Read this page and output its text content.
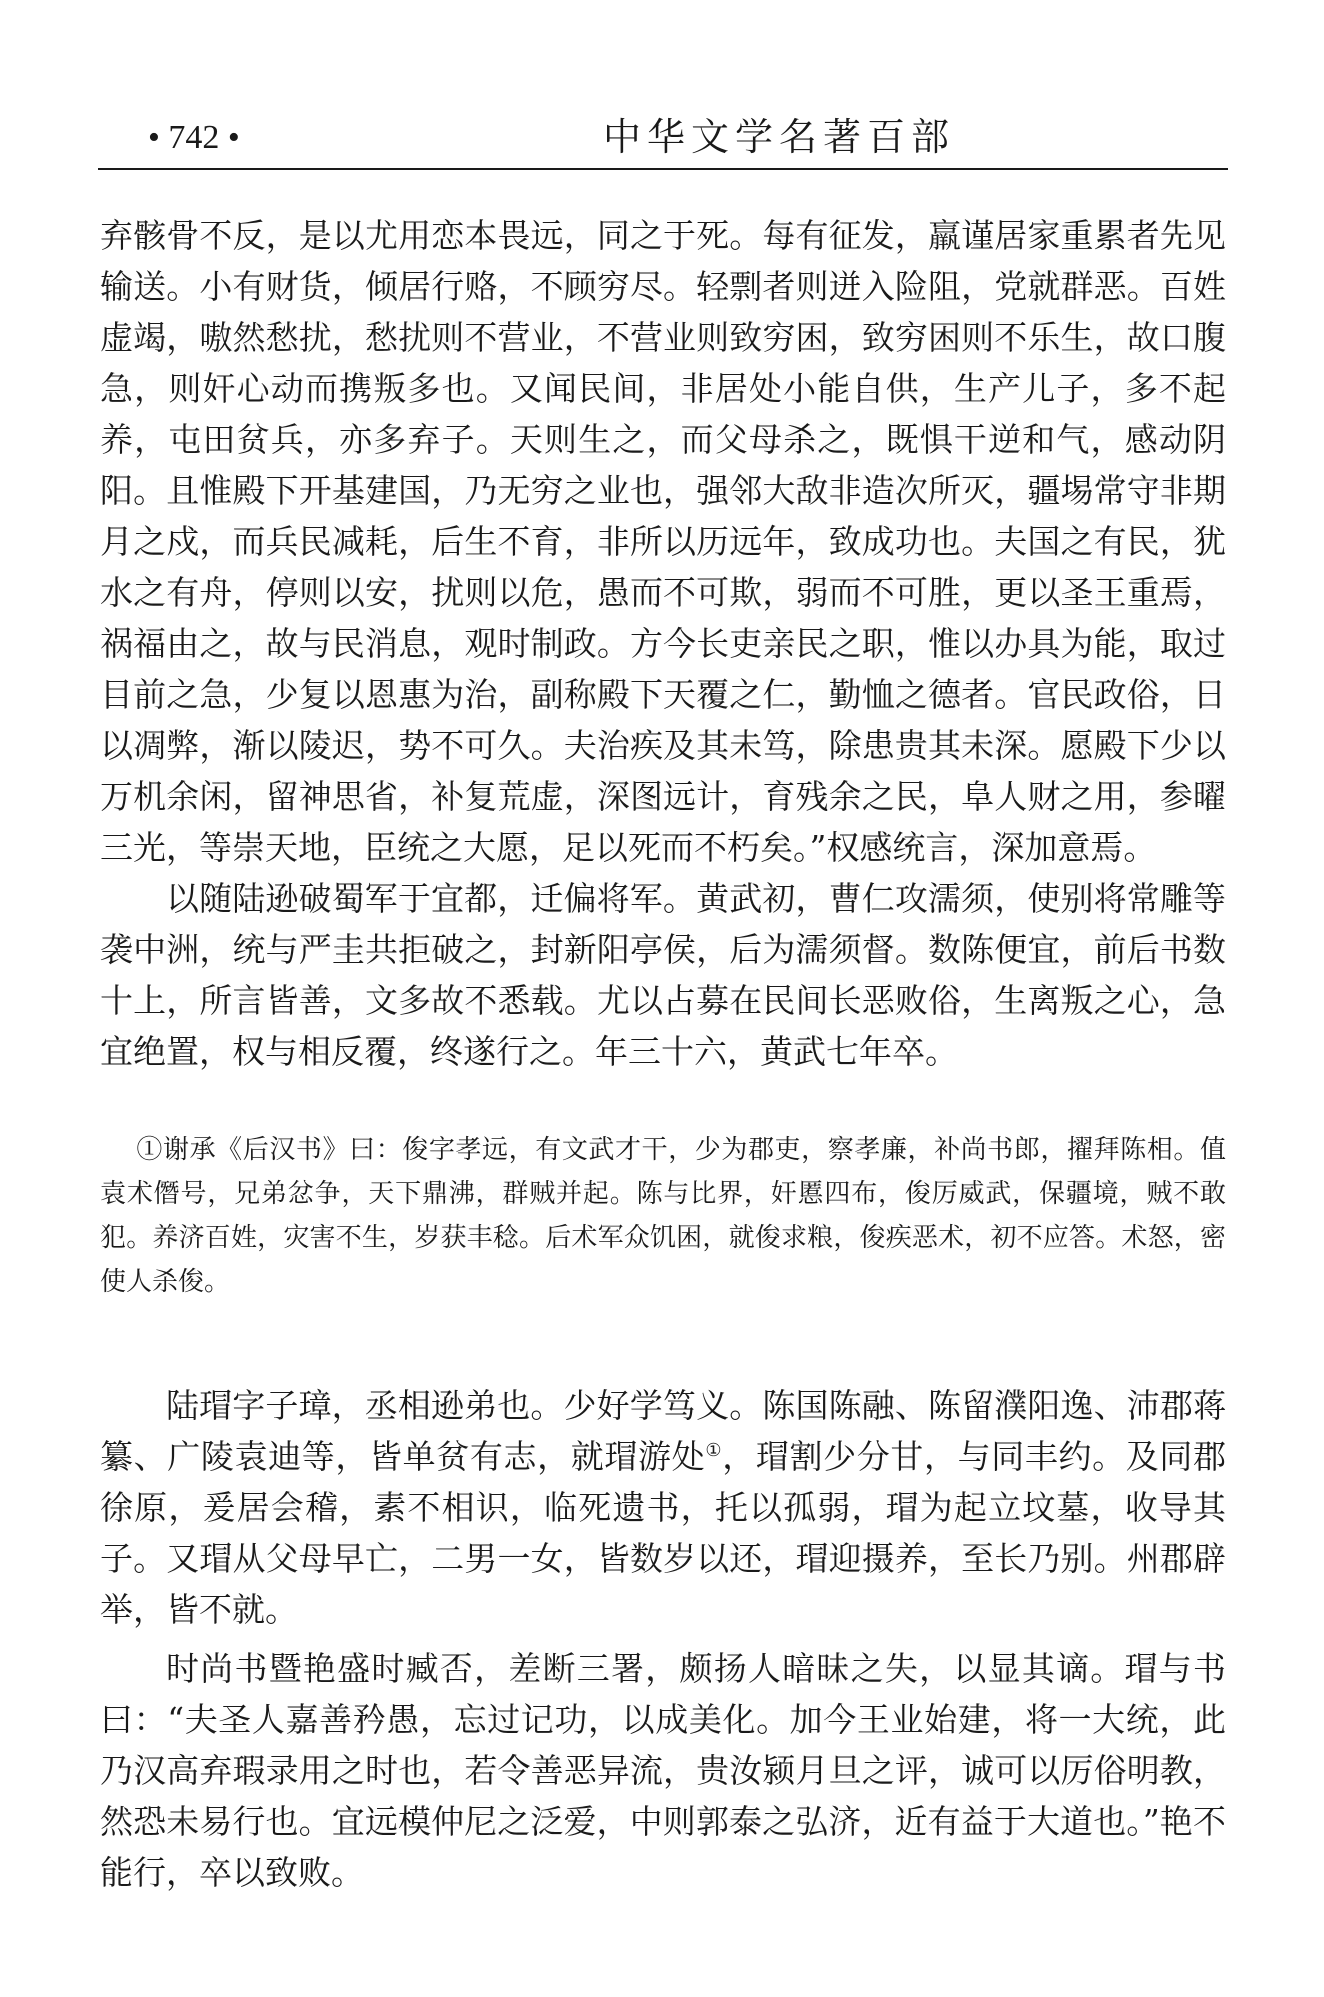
• 742 •	中华文学名著百部

弃骸骨不反，是以尤用恋本畏远，同之于死。每有征发，羸谨居家重累者先见输送。小有财货，倾居行赂，不顾穷尽。轻剽者则迸入险阻，党就群恶。百姓虚竭，嗷然愁扰，愁扰则不营业，不营业则致穷困，致穷困则不乐生，故口腹急，则奸心动而携叛多也。又闻民间，非居处小能自供，生产儿子，多不起养，屯田贫兵，亦多弃子。天则生之，而父母杀之，既惧干逆和气，感动阴阳。且惟殿下开基建国，乃无穷之业也，强邻大敌非造次所灭，疆埸常守非期月之戍，而兵民减耗，后生不育，非所以历远年，致成功也。夫国之有民，犹水之有舟，停则以安，扰则以危，愚而不可欺，弱而不可胜，更以圣王重焉，祸福由之，故与民消息，观时制政。方今长吏亲民之职，惟以办具为能，取过目前之急，少复以恩惠为治，副称殿下天覆之仁，勤恤之德者。官民政俗，日以凋弊，渐以陵迟，势不可久。夫治疾及其未笃，除患贵其未深。愿殿下少以万机余闲，留神思省，补复荒虚，深图远计，育残余之民，阜人财之用，参曜三光，等崇天地，臣统之大愿，足以死而不朽矣。”权感统言，深加意焉。

以随陆逊破蜀军于宜都，迁偏将军。黄武初，曹仁攻濡须，使别将常雕等袭中洲，统与严圭共拒破之，封新阳亭侯，后为濡须督。数陈便宜，前后书数十上，所言皆善，文多故不悉载。尤以占募在民间长恶败俗，生离叛之心，急宜绝置，权与相反覆，终遂行之。年三十六，黄武七年卒。

①谢承《后汉书》曰：俊字孝远，有文武才干，少为郡吏，察孝廉，补尚书郎，擢拜陈相。值袁术僭号，兄弟忿争，天下鼎沸，群贼并起。陈与比界，奸慝四布，俊厉威武，保疆境，贼不敢犯。养济百姓，灾害不生，岁获丰稔。后术军众饥困，就俊求粮，俊疾恶术，初不应答。术怒，密使人杀俊。

陆瑁字子璋，丞相逊弟也。少好学笃义。陈国陈融、陈留濮阳逸、沛郡蒋纂、广陵袁迪等，皆单贫有志，就瑁游处①，瑁割少分甘，与同丰约。及同郡徐原，爰居会稽，素不相识，临死遗书，托以孤弱，瑁为起立坟墓，收导其子。又瑁从父母早亡，二男一女，皆数岁以还，瑁迎摄养，至长乃别。州郡辟举，皆不就。

时尚书暨艳盛时臧否，差断三署，颇扬人暗昧之失，以显其谪。瑁与书曰：“夫圣人嘉善矜愚，忘过记功，以成美化。加今王业始建，将一大统，此乃汉高弃瑕录用之时也，若令善恶异流，贵汝颍月旦之评，诚可以厉俗明教，然恐未易行也。宜远模仲尼之泛爱，中则郭泰之弘济，近有益于大道也。”艳不能行，卒以致败。
